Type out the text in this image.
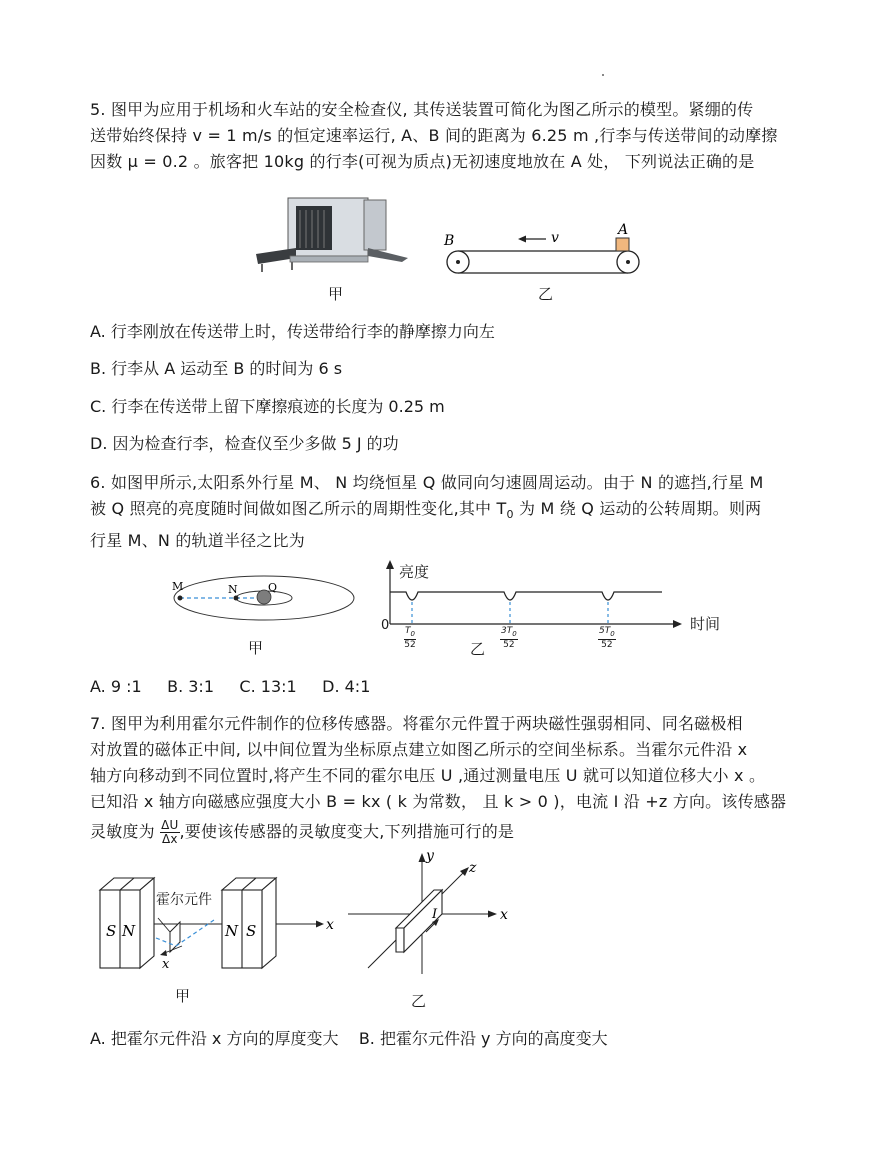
5. 图甲为应用于机场和火车站的安全检查仪, 其传送装置可简化为图乙所示的模型。紧绷的传
送带始终保持 v = 1 m/s 的恒定速率运行, A、B 间的距离为 6.25 m ,行李与传送带间的动摩擦
因数 μ = 0.2 。旅客把 10kg 的行李(可视为质点)无初速度地放在 A 处， 下列说法正确的是
甲
B
A
v
乙
A. 行李刚放在传送带上时，传送带给行李的静摩擦力向左
B. 行李从 A 运动至 B 的时间为 6 s
C. 行李在传送带上留下摩擦痕迹的长度为 0.25 m
D. 因为检查行李，检查仪至少多做 5 J 的功
6. 如图甲所示,太阳系外行星 M、 N 均绕恒星 Q 做同向匀速圆周运动。由于 N 的遮挡,行星 M
被 Q 照亮的亮度随时间做如图乙所示的周期性变化,其中 $T_0$ 为 M 绕 Q 运动的公转周期。则两
行星 M、N 的轨道半径之比为
M	N	Q
甲
亮度
时间
0
$\frac{T_0}{52}$	$\frac{3T_0}{52}$	$\frac{5T_0}{52}$
乙
A. 9 :1     B. 3:1     C. 13:1     D. 4:1
7. 图甲为利用霍尔元件制作的位移传感器。将霍尔元件置于两块磁性强弱相同、同名磁极相
对放置的磁体正中间, 以中间位置为坐标原点建立如图乙所示的空间坐标系。当霍尔元件沿 x
轴方向移动到不同位置时,将产生不同的霍尔电压 U ,通过测量电压 U 就可以知道位移大小 x 。
已知沿 x 轴方向磁感应强度大小 B = kx ( k 为常数， 且 k > 0 )，电流 I 沿 +z 方向。该传感器
灵敏度为 $\frac{\Delta U}{\Delta x}$ ,要使该传感器的灵敏度变大,下列措施可行的是
S N	N S	x
x
霍尔元件
甲
y
z
x
I
乙
A. 把霍尔元件沿 x 方向的厚度变大    B. 把霍尔元件沿 y 方向的高度变大
